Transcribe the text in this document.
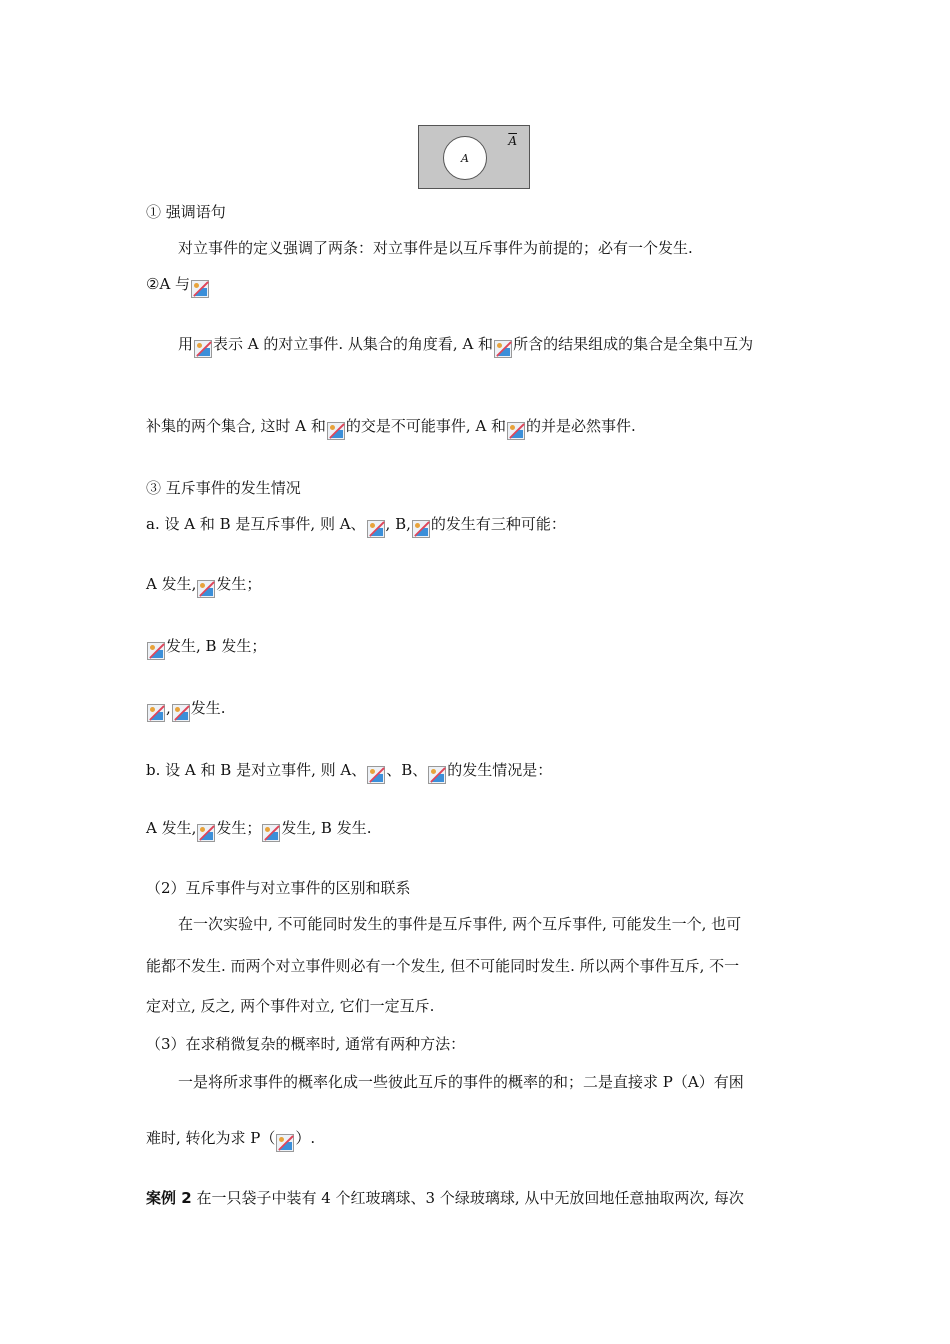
A
$\overline{A}$
① 强调语句
对立事件的定义强调了两条：对立事件是以互斥事件为前提的；必有一个发生.
②A 与
用 表示 A 的对立事件. 从集合的角度看, A 和 所含的结果组成的集合是全集中互为
补集的两个集合, 这时 A 和 的交是不可能事件, A 和 的并是必然事件.
③ 互斥事件的发生情况
a. 设 A 和 B 是互斥事件, 则 A、 , B, 的发生有三种可能：
A 发生, 发生；
发生, B 发生；
, 发生.
b. 设 A 和 B 是对立事件, 则 A、 、B、 的发生情况是：
A 发生, 发生； 发生, B 发生.
（2）互斥事件与对立事件的区别和联系
在一次实验中, 不可能同时发生的事件是互斥事件, 两个互斥事件, 可能发生一个, 也可
能都不发生. 而两个对立事件则必有一个发生, 但不可能同时发生. 所以两个事件互斥, 不一
定对立, 反之, 两个事件对立, 它们一定互斥.
（3）在求稍微复杂的概率时, 通常有两种方法：
一是将所求事件的概率化成一些彼此互斥的事件的概率的和；二是直接求 P（A）有困
难时, 转化为求 P（ ）.
案例 2 在一只袋子中装有 4 个红玻璃球、3 个绿玻璃球, 从中无放回地任意抽取两次, 每次
